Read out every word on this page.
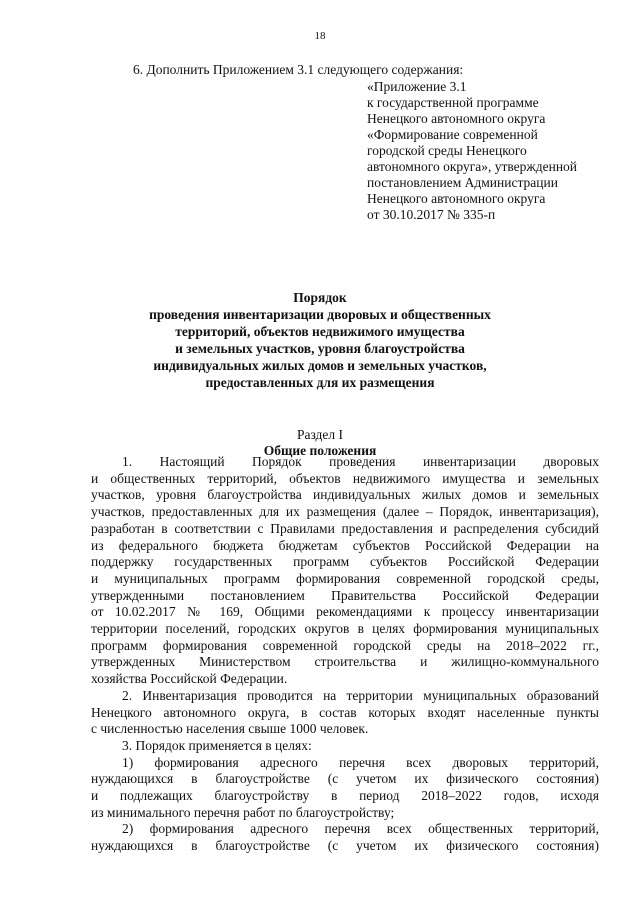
18
6. Дополнить Приложением 3.1 следующего содержания:
«Приложение 3.1
к государственной программе
Ненецкого автономного округа
«Формирование современной
городской среды Ненецкого
автономного округа», утвержденной
постановлением Администрации
Ненецкого автономного округа
от 30.10.2017 № 335-п
Порядок
проведения инвентаризации дворовых и общественных
территорий, объектов недвижимого имущества
и земельных участков, уровня благоустройства
индивидуальных жилых домов и земельных участков,
предоставленных для их размещения
Раздел I
Общие положения
1. Настоящий Порядок проведения инвентаризации дворовых
и общественных территорий, объектов недвижимого имущества и земельных
участков, уровня благоустройства индивидуальных жилых домов и земельных
участков, предоставленных для их размещения (далее – Порядок, инвентаризация),
разработан в соответствии с Правилами предоставления и распределения субсидий
из федерального бюджета бюджетам субъектов Российской Федерации на
поддержку государственных программ субъектов Российской Федерации
и муниципальных программ формирования современной городской среды,
утвержденными постановлением Правительства Российской Федерации
от 10.02.2017 № 169, Общими рекомендациями к процессу инвентаризации
территории поселений, городских округов в целях формирования муниципальных
программ формирования современной городской среды на 2018–2022 гг.,
утвержденных Министерством строительства и жилищно-коммунального
хозяйства Российской Федерации.
2. Инвентаризация проводится на территории муниципальных образований
Ненецкого автономного округа, в состав которых входят населенные пункты
с численностью населения свыше 1000 человек.
3. Порядок применяется в целях:
1) формирования адресного перечня всех дворовых территорий,
нуждающихся в благоустройстве (с учетом их физического состояния)
и подлежащих благоустройству в период 2018–2022 годов, исходя
из минимального перечня работ по благоустройству;
2) формирования адресного перечня всех общественных территорий,
нуждающихся в благоустройстве (с учетом их физического состояния)
